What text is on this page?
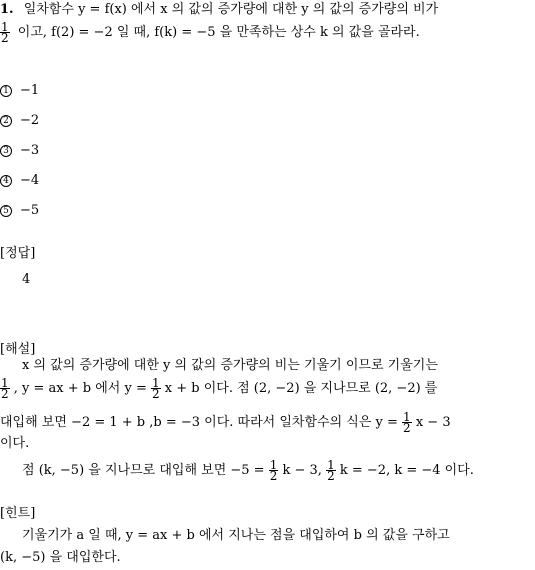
1. 일차함수 y = f(x) 에서 x 의 값의 증가량에 대한 y 의 값의 증가량의 비가
$\frac{1}{2}$ 이고, f(2) = −2 일 때, f(k) = −5 을 만족하는 상수 k 의 값을 골라라.
1 −1
2 −2
3 −3
4 −4
5 −5
[정답]
4
[해설]
x 의 값의 증가량에 대한 y 의 값의 증가량의 비는 기울기 이므로 기울기는
$\frac{1}{2}$ , y = ax + b 에서 $y = \frac{1}{2}$ x + b 이다. 점 (2, −2) 을 지나므로 (2, −2) 를
대입해 보면 −2 = 1 + b ,b = −3 이다. 따라서 일차함수의 식은 $y = \frac{1}{2}$ x − 3
이다.
점 (k, −5) 을 지나므로 대입해 보면 $-5 = \frac{1}{2}$ k − 3, $\frac{1}{2}$ k = −2, k = −4 이다.
[힌트]
기울기가 a 일 때, y = ax + b 에서 지나는 점을 대입하여 b 의 값을 구하고
(k, −5) 을 대입한다.
